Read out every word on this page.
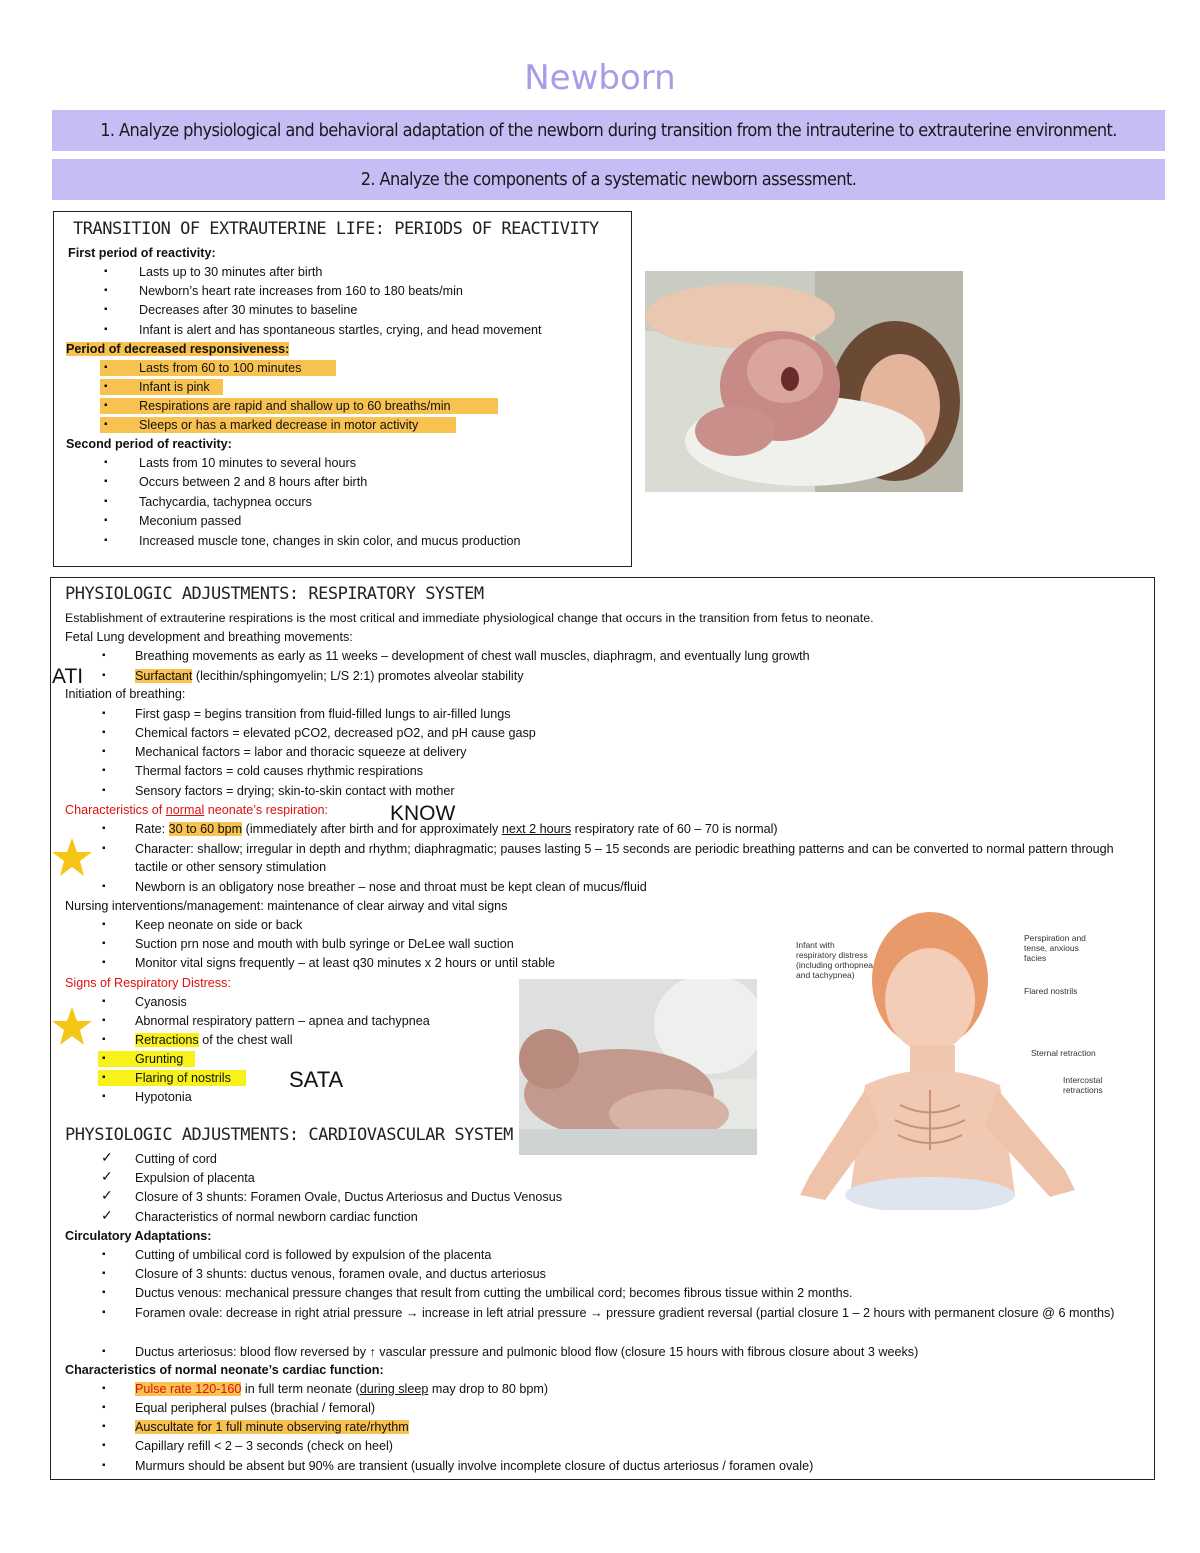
Newborn
1. Analyze physiological and behavioral adaptation of the newborn during transition from the intrauterine to extrauterine environment.
2. Analyze the components of a systematic newborn assessment.
TRANSITION OF EXTRAUTERINE LIFE: PERIODS OF REACTIVITY
First period of reactivity:
▪ Lasts up to 30 minutes after birth
▪ Newborn’s heart rate increases from 160 to 180 beats/min
▪ Decreases after 30 minutes to baseline
▪ Infant is alert and has spontaneous startles, crying, and head movement
Period of decreased responsiveness:
▪ Lasts from 60 to 100 minutes
▪ Infant is pink
▪ Respirations are rapid and shallow up to 60 breaths/min
▪ Sleeps or has a marked decrease in motor activity
Second period of reactivity:
▪ Lasts from 10 minutes to several hours
▪ Occurs between 2 and 8 hours after birth
▪ Tachycardia, tachypnea occurs
▪ Meconium passed
▪ Increased muscle tone, changes in skin color, and mucus production
PHYSIOLOGIC ADJUSTMENTS: RESPIRATORY SYSTEM
Establishment of extrauterine respirations is the most critical and immediate physiological change that occurs in the transition from fetus to neonate.
Fetal Lung development and breathing movements:
▪ Breathing movements as early as 11 weeks – development of chest wall muscles, diaphragm, and eventually lung growth
ATI ▪ Surfactant (lecithin/sphingomyelin; L/S 2:1) promotes alveolar stability
Initiation of breathing:
▪ First gasp = begins transition from fluid-filled lungs to air-filled lungs
▪ Chemical factors = elevated pCO2, decreased pO2, and pH cause gasp
▪ Mechanical factors = labor and thoracic squeeze at delivery
▪ Thermal factors = cold causes rhythmic respirations
▪ Sensory factors = drying; skin-to-skin contact with mother
Characteristics of normal neonate’s respiration:	KNOW
▪ Rate: 30 to 60 bpm (immediately after birth and for approximately next 2 hours respiratory rate of 60 – 70 is normal)
▪ Character: shallow; irregular in depth and rhythm; diaphragmatic; pauses lasting 5 – 15 seconds are periodic breathing patterns and can be converted to normal pattern through tactile or other sensory stimulation
▪ Newborn is an obligatory nose breather – nose and throat must be kept clean of mucus/fluid
Nursing interventions/management: maintenance of clear airway and vital signs
▪ Keep neonate on side or back
▪ Suction prn nose and mouth with bulb syringe or DeLee wall suction
▪ Monitor vital signs frequently – at least q30 minutes x 2 hours or until stable
Signs of Respiratory Distress:
▪ Cyanosis
▪ Abnormal respiratory pattern – apnea and tachypnea
▪ Retractions of the chest wall
▪ Grunting
▪ Flaring of nostrils	SATA
▪ Hypotonia
Infant with respiratory distress (including orthopnea and tachypnea)
Perspiration and tense, anxious facies
Flared nostrils
Sternal retraction
Intercostal retractions
PHYSIOLOGIC ADJUSTMENTS: CARDIOVASCULAR SYSTEM
✓ Cutting of cord
✓ Expulsion of placenta
✓ Closure of 3 shunts: Foramen Ovale, Ductus Arteriosus and Ductus Venosus
✓ Characteristics of normal newborn cardiac function
Circulatory Adaptations:
▪ Cutting of umbilical cord is followed by expulsion of the placenta
▪ Closure of 3 shunts: ductus venous, foramen ovale, and ductus arteriosus
▪ Ductus venous: mechanical pressure changes that result from cutting the umbilical cord; becomes fibrous tissue within 2 months.
▪ Foramen ovale: decrease in right atrial pressure → increase in left atrial pressure → pressure gradient reversal (partial closure 1 – 2 hours with permanent closure @ 6 months)
▪ Ductus arteriosus: blood flow reversed by ↑ vascular pressure and pulmonic blood flow (closure 15 hours with fibrous closure about 3 weeks)
Characteristics of normal neonate’s cardiac function:
▪ Pulse rate 120-160 in full term neonate (during sleep may drop to 80 bpm)
▪ Equal peripheral pulses (brachial / femoral)
▪ Auscultate for 1 full minute observing rate/rhythm
▪ Capillary refill < 2 – 3 seconds (check on heel)
▪ Murmurs should be absent but 90% are transient (usually involve incomplete closure of ductus arteriosus / foramen ovale)
